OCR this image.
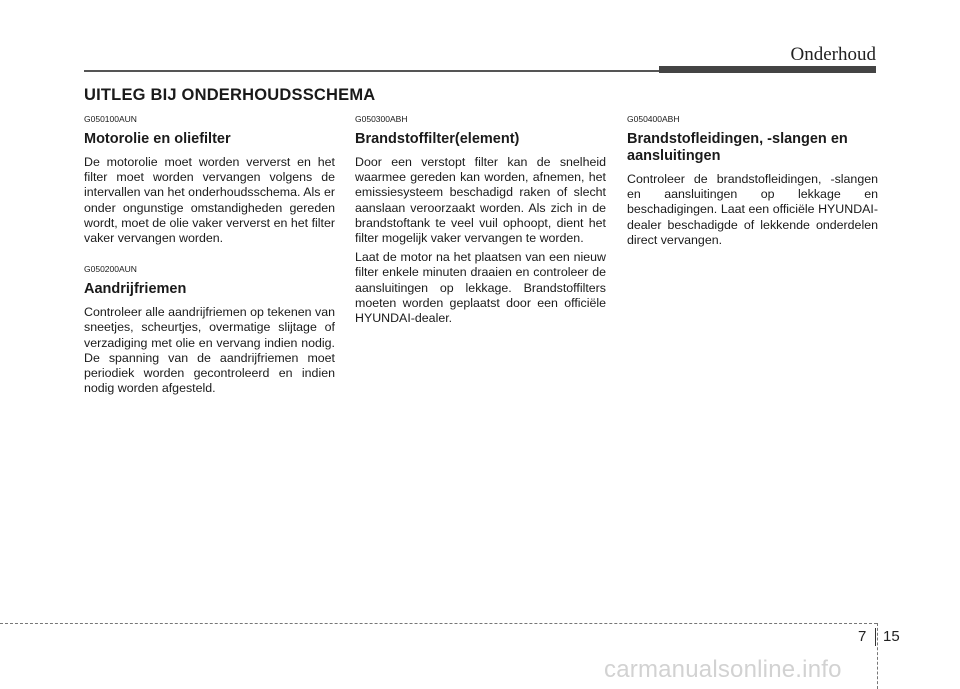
Onderhoud
UITLEG BIJ ONDERHOUDSSCHEMA
G050100AUN
Motorolie en oliefilter

De motorolie moet worden ververst en het filter moet worden vervangen volgens de intervallen van het onderhoudsschema. Als er onder ongunstige omstandigheden gereden wordt, moet de olie vaker ververst en het filter vaker vervangen worden.

G050200AUN
Aandrijfriemen

Controleer alle aandrijfriemen op tekenen van sneetjes, scheurtjes, overmatige slijtage of verzadiging met olie en vervang indien nodig. De spanning van de aandrijfriemen moet periodiek worden gecontroleerd en indien nodig worden afgesteld.

G050300ABH
Brandstoffilter(element)

Door een verstopt filter kan de snelheid waarmee gereden kan worden, afnemen, het emissiesysteem beschadigd raken of slecht aanslaan veroorzaakt worden. Als zich in de brandstoftank te veel vuil ophoopt, dient het filter mogelijk vaker vervangen te worden.

Laat de motor na het plaatsen van een nieuw filter enkele minuten draaien en controleer de aansluitingen op lekkage. Brandstoffilters moeten worden geplaatst door een officiële HYUNDAI-dealer.

G050400ABH
Brandstofleidingen, -slangen en aansluitingen

Controleer de brandstofleidingen, -slangen en aansluitingen op lekkage en beschadigingen. Laat een officiële HYUNDAI-dealer beschadigde of lekkende onderdelen direct vervangen.

7 15
carmanualsonline.info
